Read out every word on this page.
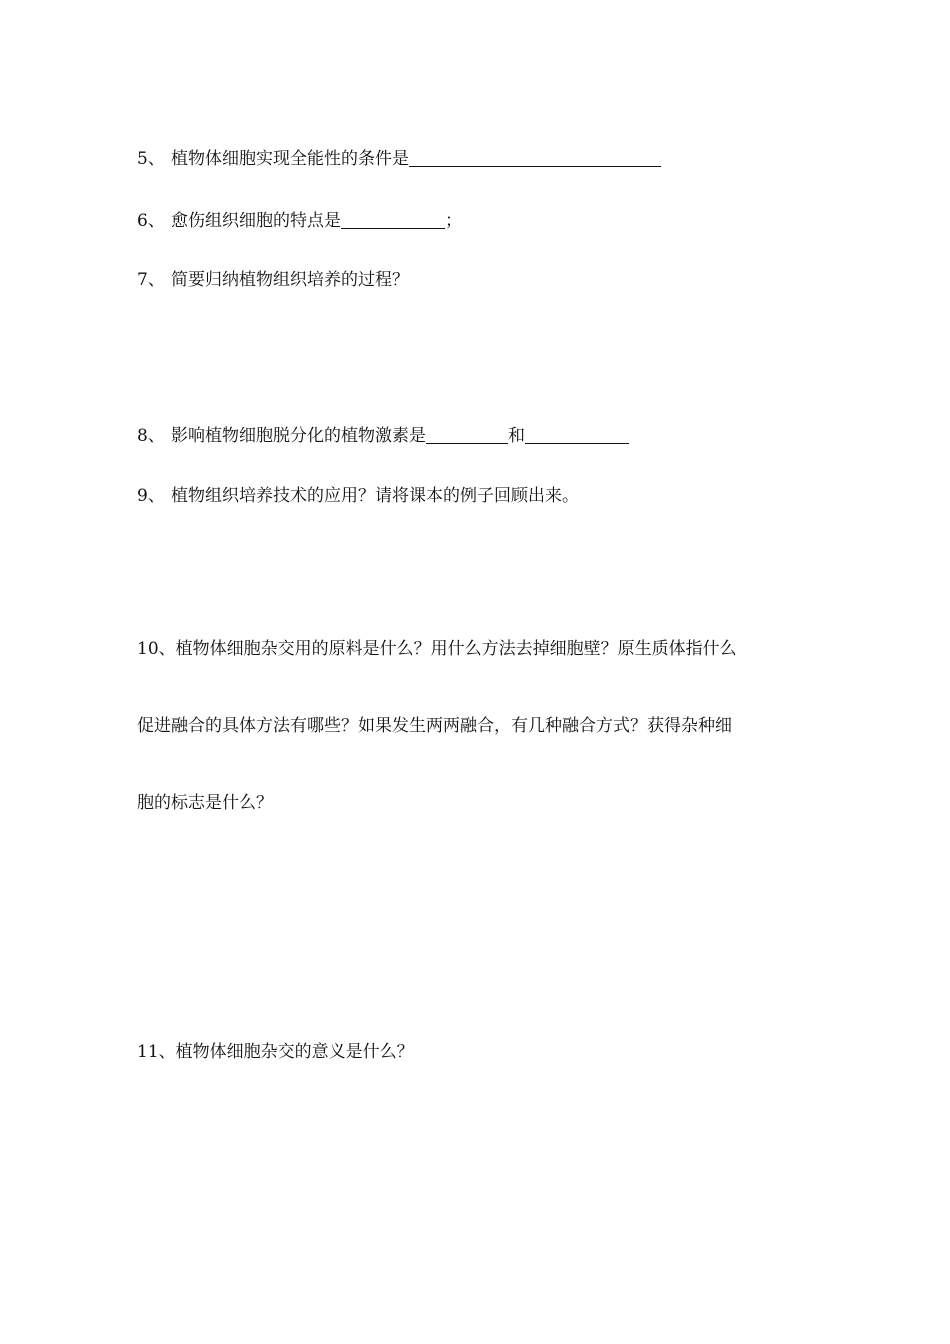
5、 植物体细胞实现全能性的条件是
6、 愈伤组织细胞的特点是	；
7、 简要归纳植物组织培养的过程？
8、 影响植物细胞脱分化的植物激素是	和
9、 植物组织培养技术的应用？请将课本的例子回顾出来。
10、植物体细胞杂交用的原料是什么？用什么方法去掉细胞壁？原生质体指什么
促进融合的具体方法有哪些？如果发生两两融合，有几种融合方式？获得杂种细
胞的标志是什么？
11、植物体细胞杂交的意义是什么？
